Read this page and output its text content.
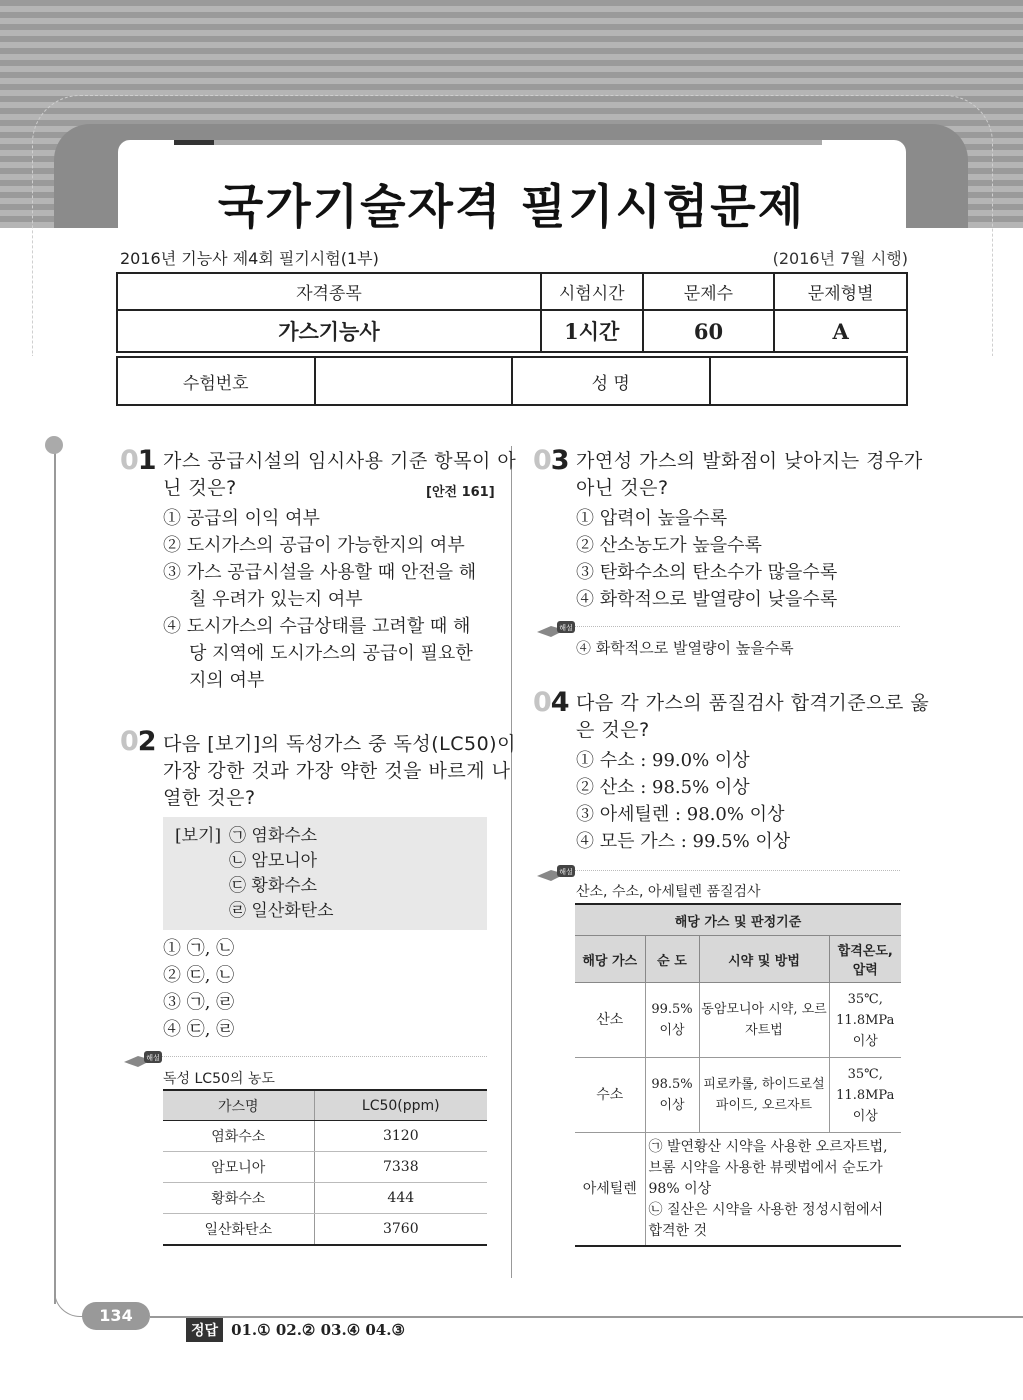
국가기술자격 필기시험문제
2016년 기능사 제4회 필기시험(1부)	(2016년 7월 시행)
자격종목	시험시간	문제수	문제형별
가스기능사	1시간	60	A
수험번호		성 명	
01 가스 공급시설의 임시사용 기준 항목이 아
닌 것은?	[안전 161]
① 공급의 이익 여부
② 도시가스의 공급이 가능한지의 여부
③ 가스 공급시설을 사용할 때 안전을 해
칠 우려가 있는지 여부
④ 도시가스의 수급상태를 고려할 때 해
당 지역에 도시가스의 공급이 필요한
지의 여부
02 다음 [보기]의 독성가스 중 독성(LC50)이
가장 강한 것과 가장 약한 것을 바르게 나
열한 것은?
[보기] ㉠ 염화수소
㉡ 암모니아
㉢ 황화수소
㉣ 일산화탄소
① ㉠, ㉡
② ㉢, ㉡
③ ㉠, ㉣
④ ㉢, ㉣
해설
독성 LC50의 농도
가스명	LC50(ppm)
염화수소	3120
암모니아	7338
황화수소	444
일산화탄소	3760
03 가연성 가스의 발화점이 낮아지는 경우가
아닌 것은?
① 압력이 높을수록
② 산소농도가 높을수록
③ 탄화수소의 탄소수가 많을수록
④ 화학적으로 발열량이 낮을수록
해설
④ 화학적으로 발열량이 높을수록
04 다음 각 가스의 품질검사 합격기준으로 옳
은 것은?
① 수소 : 99.0% 이상
② 산소 : 98.5% 이상
③ 아세틸렌 : 98.0% 이상
④ 모든 가스 : 99.5% 이상
해설
산소, 수소, 아세틸렌 품질검사
해당 가스 및 판정기준			
해당 가스	순 도	시약 및 방법	합격온도, 압력
산소	99.5% 이상	동암모니아 시약, 오르자트법	35℃, 11.8MPa 이상
수소	98.5% 이상	피로카롤, 하이드로설파이드, 오르자트	35℃, 11.8MPa 이상
아세틸렌	㉠ 발연황산 시약을 사용한 오르자트법, 브롬 시약을 사용한 뷰렛법에서 순도가 98% 이상
㉡ 질산은 시약을 사용한 정성시험에서 합격한 것		
134
정답 01.① 02.② 03.④ 04.③
